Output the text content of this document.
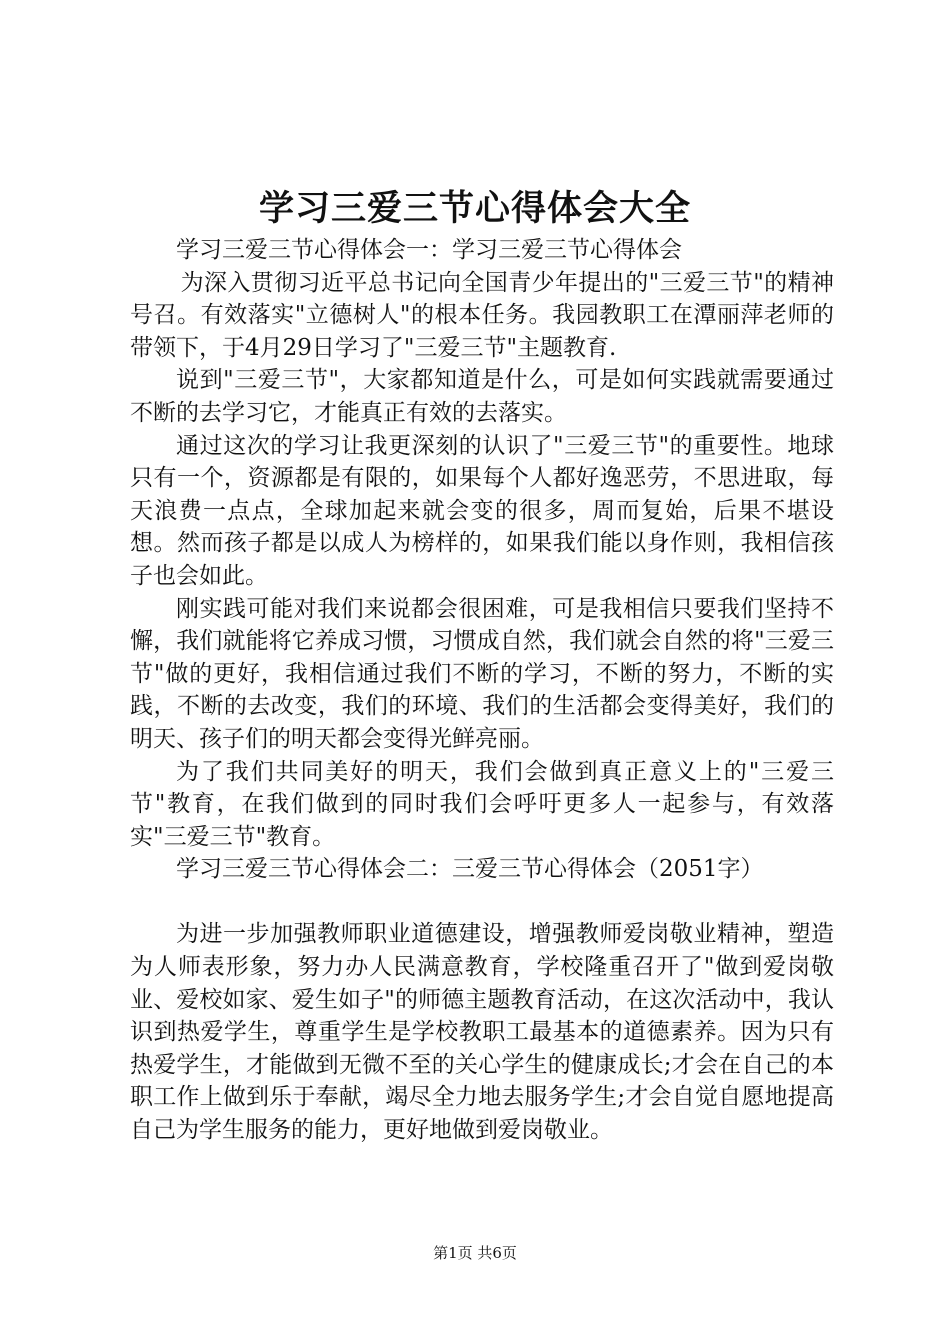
学习三爱三节心得体会大全

学习三爱三节心得体会一：学习三爱三节心得体会

为深入贯彻习近平总书记向全国青少年提出的"三爱三节"的精神号召。有效落实"立德树人"的根本任务。我园教职工在潭丽萍老师的带领下，于4月29日学习了"三爱三节"主题教育.

说到"三爱三节"，大家都知道是什么，可是如何实践就需要通过不断的去学习它，才能真正有效的去落实。

通过这次的学习让我更深刻的认识了"三爱三节"的重要性。地球只有一个，资源都是有限的，如果每个人都好逸恶劳，不思进取，每天浪费一点点，全球加起来就会变的很多，周而复始，后果不堪设想。然而孩子都是以成人为榜样的，如果我们能以身作则，我相信孩子也会如此。

刚实践可能对我们来说都会很困难，可是我相信只要我们坚持不懈，我们就能将它养成习惯，习惯成自然，我们就会自然的将"三爱三节"做的更好，我相信通过我们不断的学习，不断的努力，不断的实践，不断的去改变，我们的环境、我们的生活都会变得美好，我们的明天、孩子们的明天都会变得光鲜亮丽。

为了我们共同美好的明天，我们会做到真正意义上的"三爱三节"教育，在我们做到的同时我们会呼吁更多人一起参与，有效落实"三爱三节"教育。

学习三爱三节心得体会二：三爱三节心得体会（2051字）

为进一步加强教师职业道德建设，增强教师爱岗敬业精神，塑造为人师表形象，努力办人民满意教育，学校隆重召开了"做到爱岗敬业、爱校如家、爱生如子"的师德主题教育活动，在这次活动中，我认识到热爱学生，尊重学生是学校教职工最基本的道德素养。因为只有热爱学生，才能做到无微不至的关心学生的健康成长;才会在自己的本职工作上做到乐于奉献，竭尽全力地去服务学生;才会自觉自愿地提高自己为学生服务的能力，更好地做到爱岗敬业。

第1页 共6页
